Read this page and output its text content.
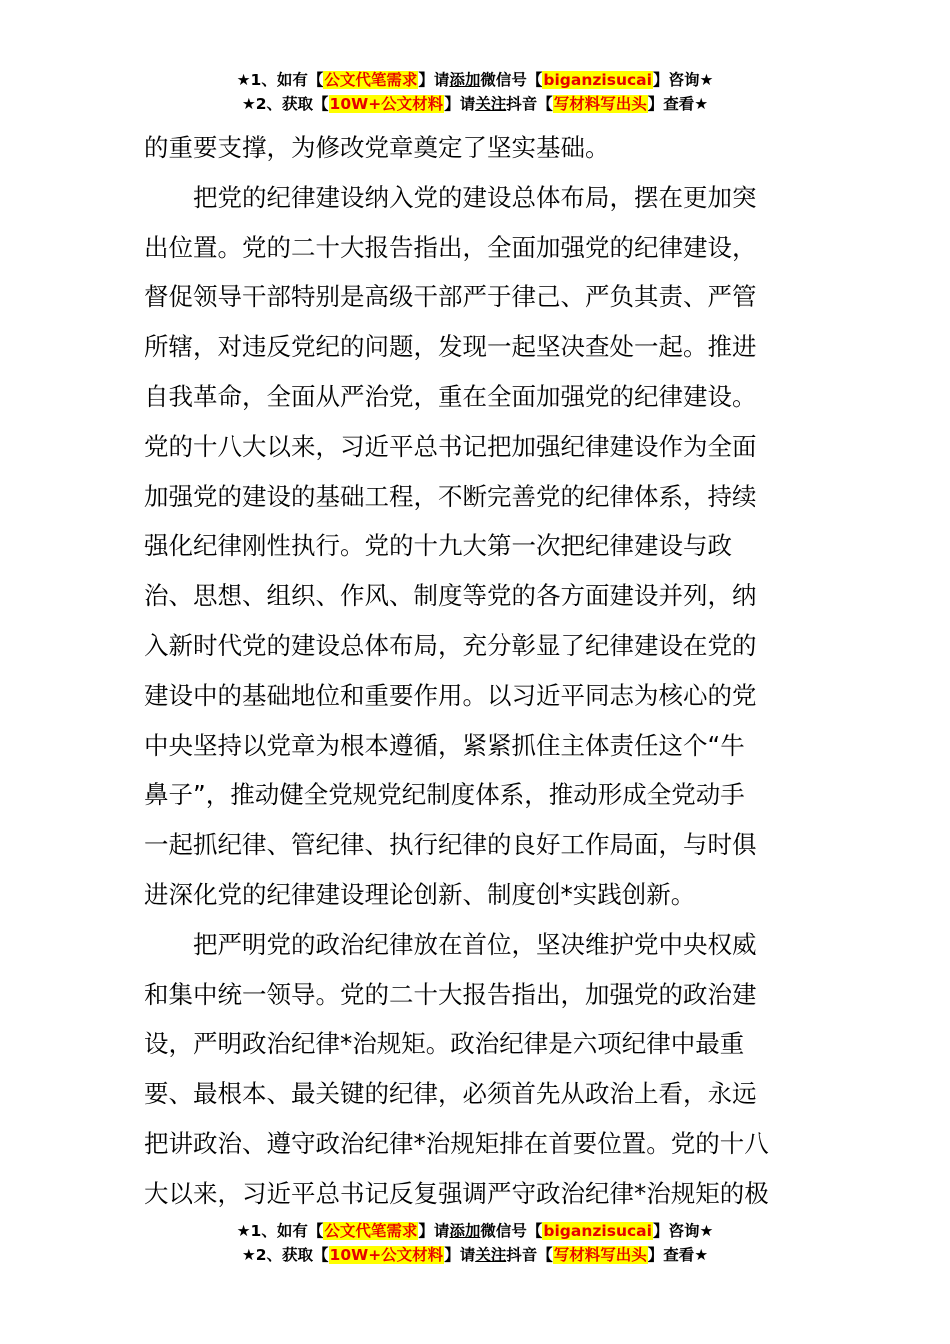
★1、如有【公文代笔需求】请添加微信号【biganzisucai】咨询★
★2、获取【10W+公文材料】请关注抖音【写材料写出头】查看★
的重要支撑，为修改党章奠定了坚实基础。
　　把党的纪律建设纳入党的建设总体布局，摆在更加突
出位置。党的二十大报告指出，全面加强党的纪律建设，
督促领导干部特别是高级干部严于律己、严负其责、严管
所辖，对违反党纪的问题，发现一起坚决查处一起。推进
自我革命，全面从严治党，重在全面加强党的纪律建设。
党的十八大以来，习近平总书记把加强纪律建设作为全面
加强党的建设的基础工程，不断完善党的纪律体系，持续
强化纪律刚性执行。党的十九大第一次把纪律建设与政
治、思想、组织、作风、制度等党的各方面建设并列，纳
入新时代党的建设总体布局，充分彰显了纪律建设在党的
建设中的基础地位和重要作用。以习近平同志为核心的党
中央坚持以党章为根本遵循，紧紧抓住主体责任这个“牛
鼻子”，推动健全党规党纪制度体系，推动形成全党动手
一起抓纪律、管纪律、执行纪律的良好工作局面，与时俱
进深化党的纪律建设理论创新、制度创*实践创新。
　　把严明党的政治纪律放在首位，坚决维护党中央权威
和集中统一领导。党的二十大报告指出，加强党的政治建
设，严明政治纪律*治规矩。政治纪律是六项纪律中最重
要、最根本、最关键的纪律，必须首先从政治上看，永远
把讲政治、遵守政治纪律*治规矩排在首要位置。党的十八
大以来，习近平总书记反复强调严守政治纪律*治规矩的极
★1、如有【公文代笔需求】请添加微信号【biganzisucai】咨询★
★2、获取【10W+公文材料】请关注抖音【写材料写出头】查看★
